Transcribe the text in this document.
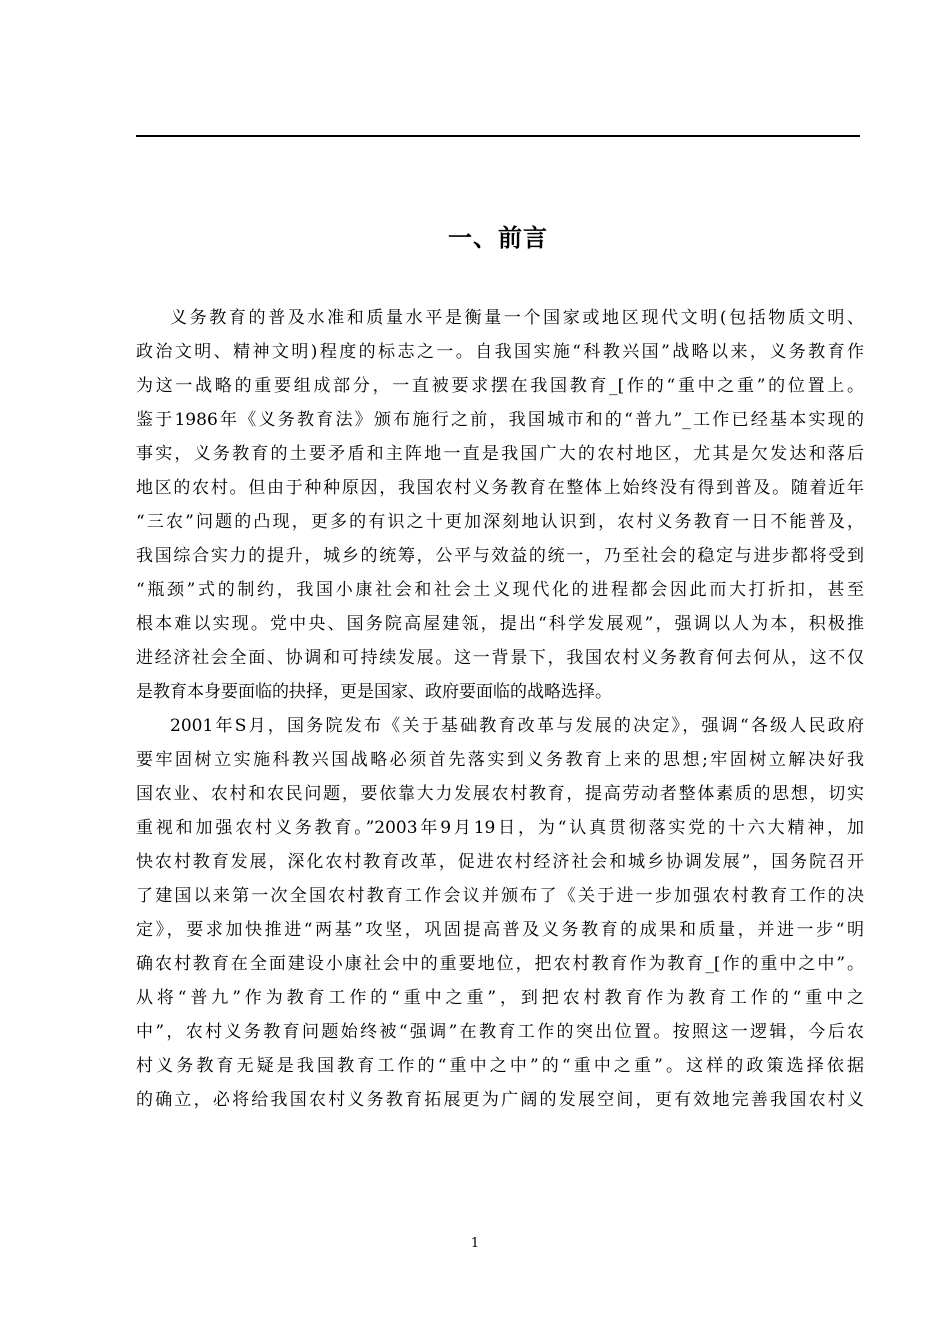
一、前言
义务教育的普及水准和质量水平是衡量一个国家或地区现代文明(包括物质文明、
政治文明、精神文明)程度的标志之一。自我国实施“科教兴国”战略以来，义务教育作
为这一战略的重要组成部分，一直被要求摆在我国教育_[作的“重中之重”的位置上。
鉴于1986年《义务教育法》颁布施行之前，我国城市和的“普九”_工作已经基本实现的
事实，义务教育的土要矛盾和主阵地一直是我国广大的农村地区，尤其是欠发达和落后
地区的农村。但由于种种原因，我国农村义务教育在整体上始终没有得到普及。随着近年
“三农”问题的凸现，更多的有识之十更加深刻地认识到，农村义务教育一日不能普及，
我国综合实力的提升，城乡的统筹，公平与效益的统一，乃至社会的稳定与进步都将受到
“瓶颈”式的制约，我国小康社会和社会土义现代化的进程都会因此而大打折扣，甚至
根本难以实现。党中央、国务院高屋建瓴，提出“科学发展观”，强调以人为本，积极推
进经济社会全面、协调和可持续发展。这一背景下，我国农村义务教育何去何从，这不仅
是教育本身要面临的抉择，更是国家、政府要面临的战略选择。
2001年S月，国务院发布《关于基础教育改革与发展的决定》，强调“各级人民政府
要牢固树立实施科教兴国战略必须首先落实到义务教育上来的思想;牢固树立解决好我
国农业、农村和农民问题，要依靠大力发展农村教育，提高劳动者整体素质的思想，切实
重视和加强农村义务教育。”2003年9月19日，为“认真贯彻落实党的十六大精神，加
快农村教育发展，深化农村教育改革，促进农村经济社会和城乡协调发展”，国务院召开
了建国以来第一次全国农村教育工作会议并颁布了《关于进一步加强农村教育工作的决
定》，要求加快推进“两基”攻坚，巩固提高普及义务教育的成果和质量，并进一步“明
确农村教育在全面建设小康社会中的重要地位，把农村教育作为教育_[作的重中之中”。
从将“普九”作为教育工作的“重中之重”，到把农村教育作为教育工作的“重中之
中”，农村义务教育问题始终被“强调”在教育工作的突出位置。按照这一逻辑，今后农
村义务教育无疑是我国教育工作的“重中之中”的“重中之重”。这样的政策选择依据
的确立，必将给我国农村义务教育拓展更为广阔的发展空间，更有效地完善我国农村义
1
